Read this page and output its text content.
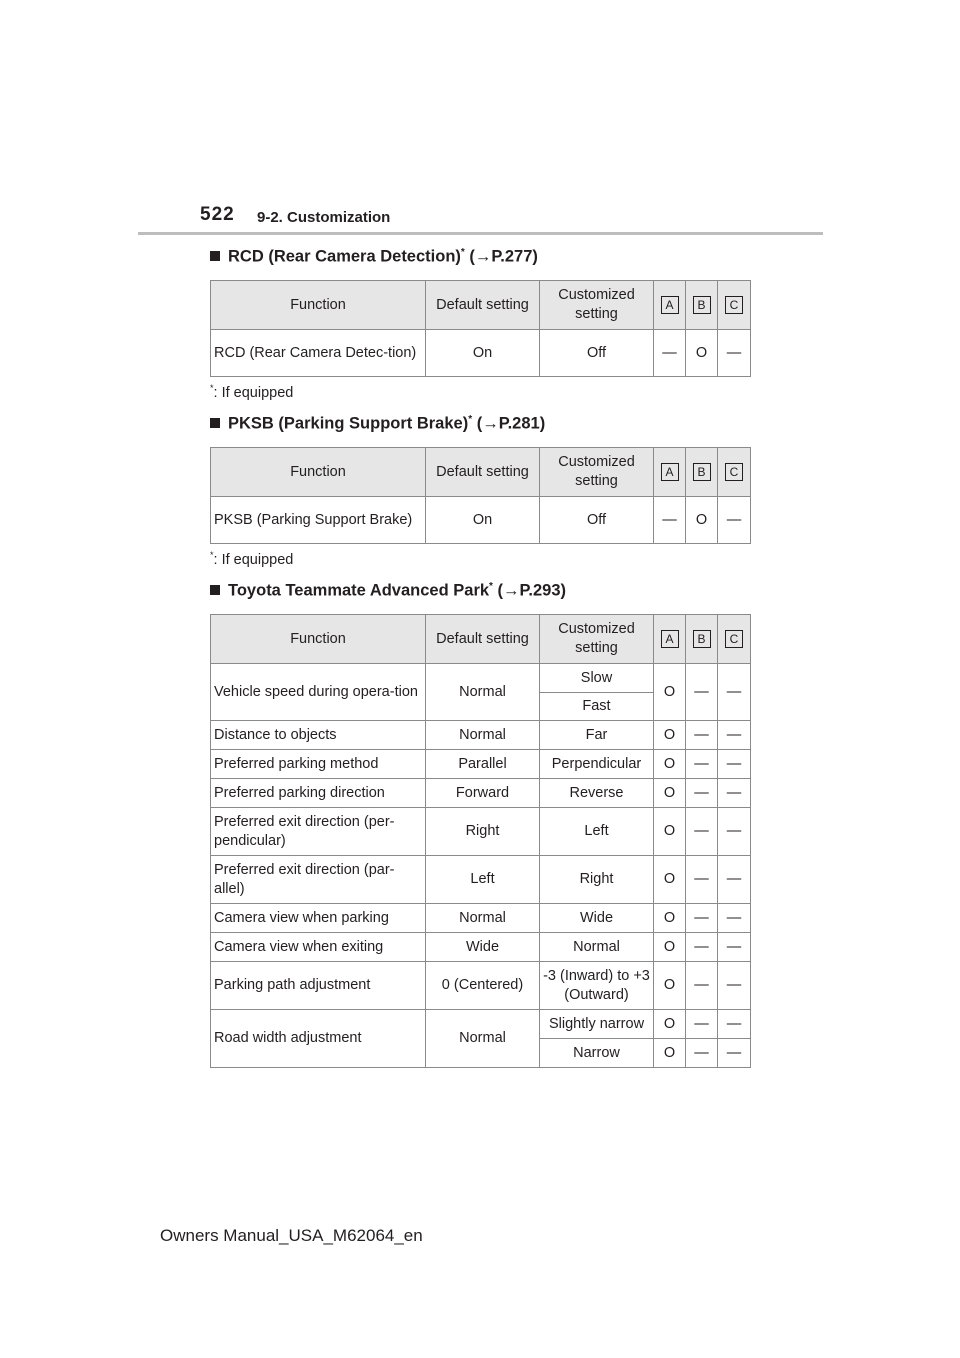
522 9-2. Customization
RCD (Rear Camera Detection)* (→P.277)
Function	Default setting	Customized setting	A	B	C
RCD (Rear Camera Detec-tion)	On	Off	—	O	—
*: If equipped
PKSB (Parking Support Brake)* (→P.281)
Function	Default setting	Customized setting	A	B	C
PKSB (Parking Support Brake)	On	Off	—	O	—
*: If equipped
Toyota Teammate Advanced Park* (→P.293)
Function	Default setting	Customized setting	A	B	C
Vehicle speed during opera-tion	Normal	Slow	O	—	—
		Fast			
Distance to objects	Normal	Far	O	—	—
Preferred parking method	Parallel	Perpendicular	O	—	—
Preferred parking direction	Forward	Reverse	O	—	—
Preferred exit direction (per-pendicular)	Right	Left	O	—	—
Preferred exit direction (par-allel)	Left	Right	O	—	—
Camera view when parking	Normal	Wide	O	—	—
Camera view when exiting	Wide	Normal	O	—	—
Parking path adjustment	0 (Centered)	-3 (Inward) to +3 (Outward)	O	—	—
Road width adjustment	Normal	Slightly narrow	O	—	—
		Narrow	O	—	—
Owners Manual_USA_M62064_en
